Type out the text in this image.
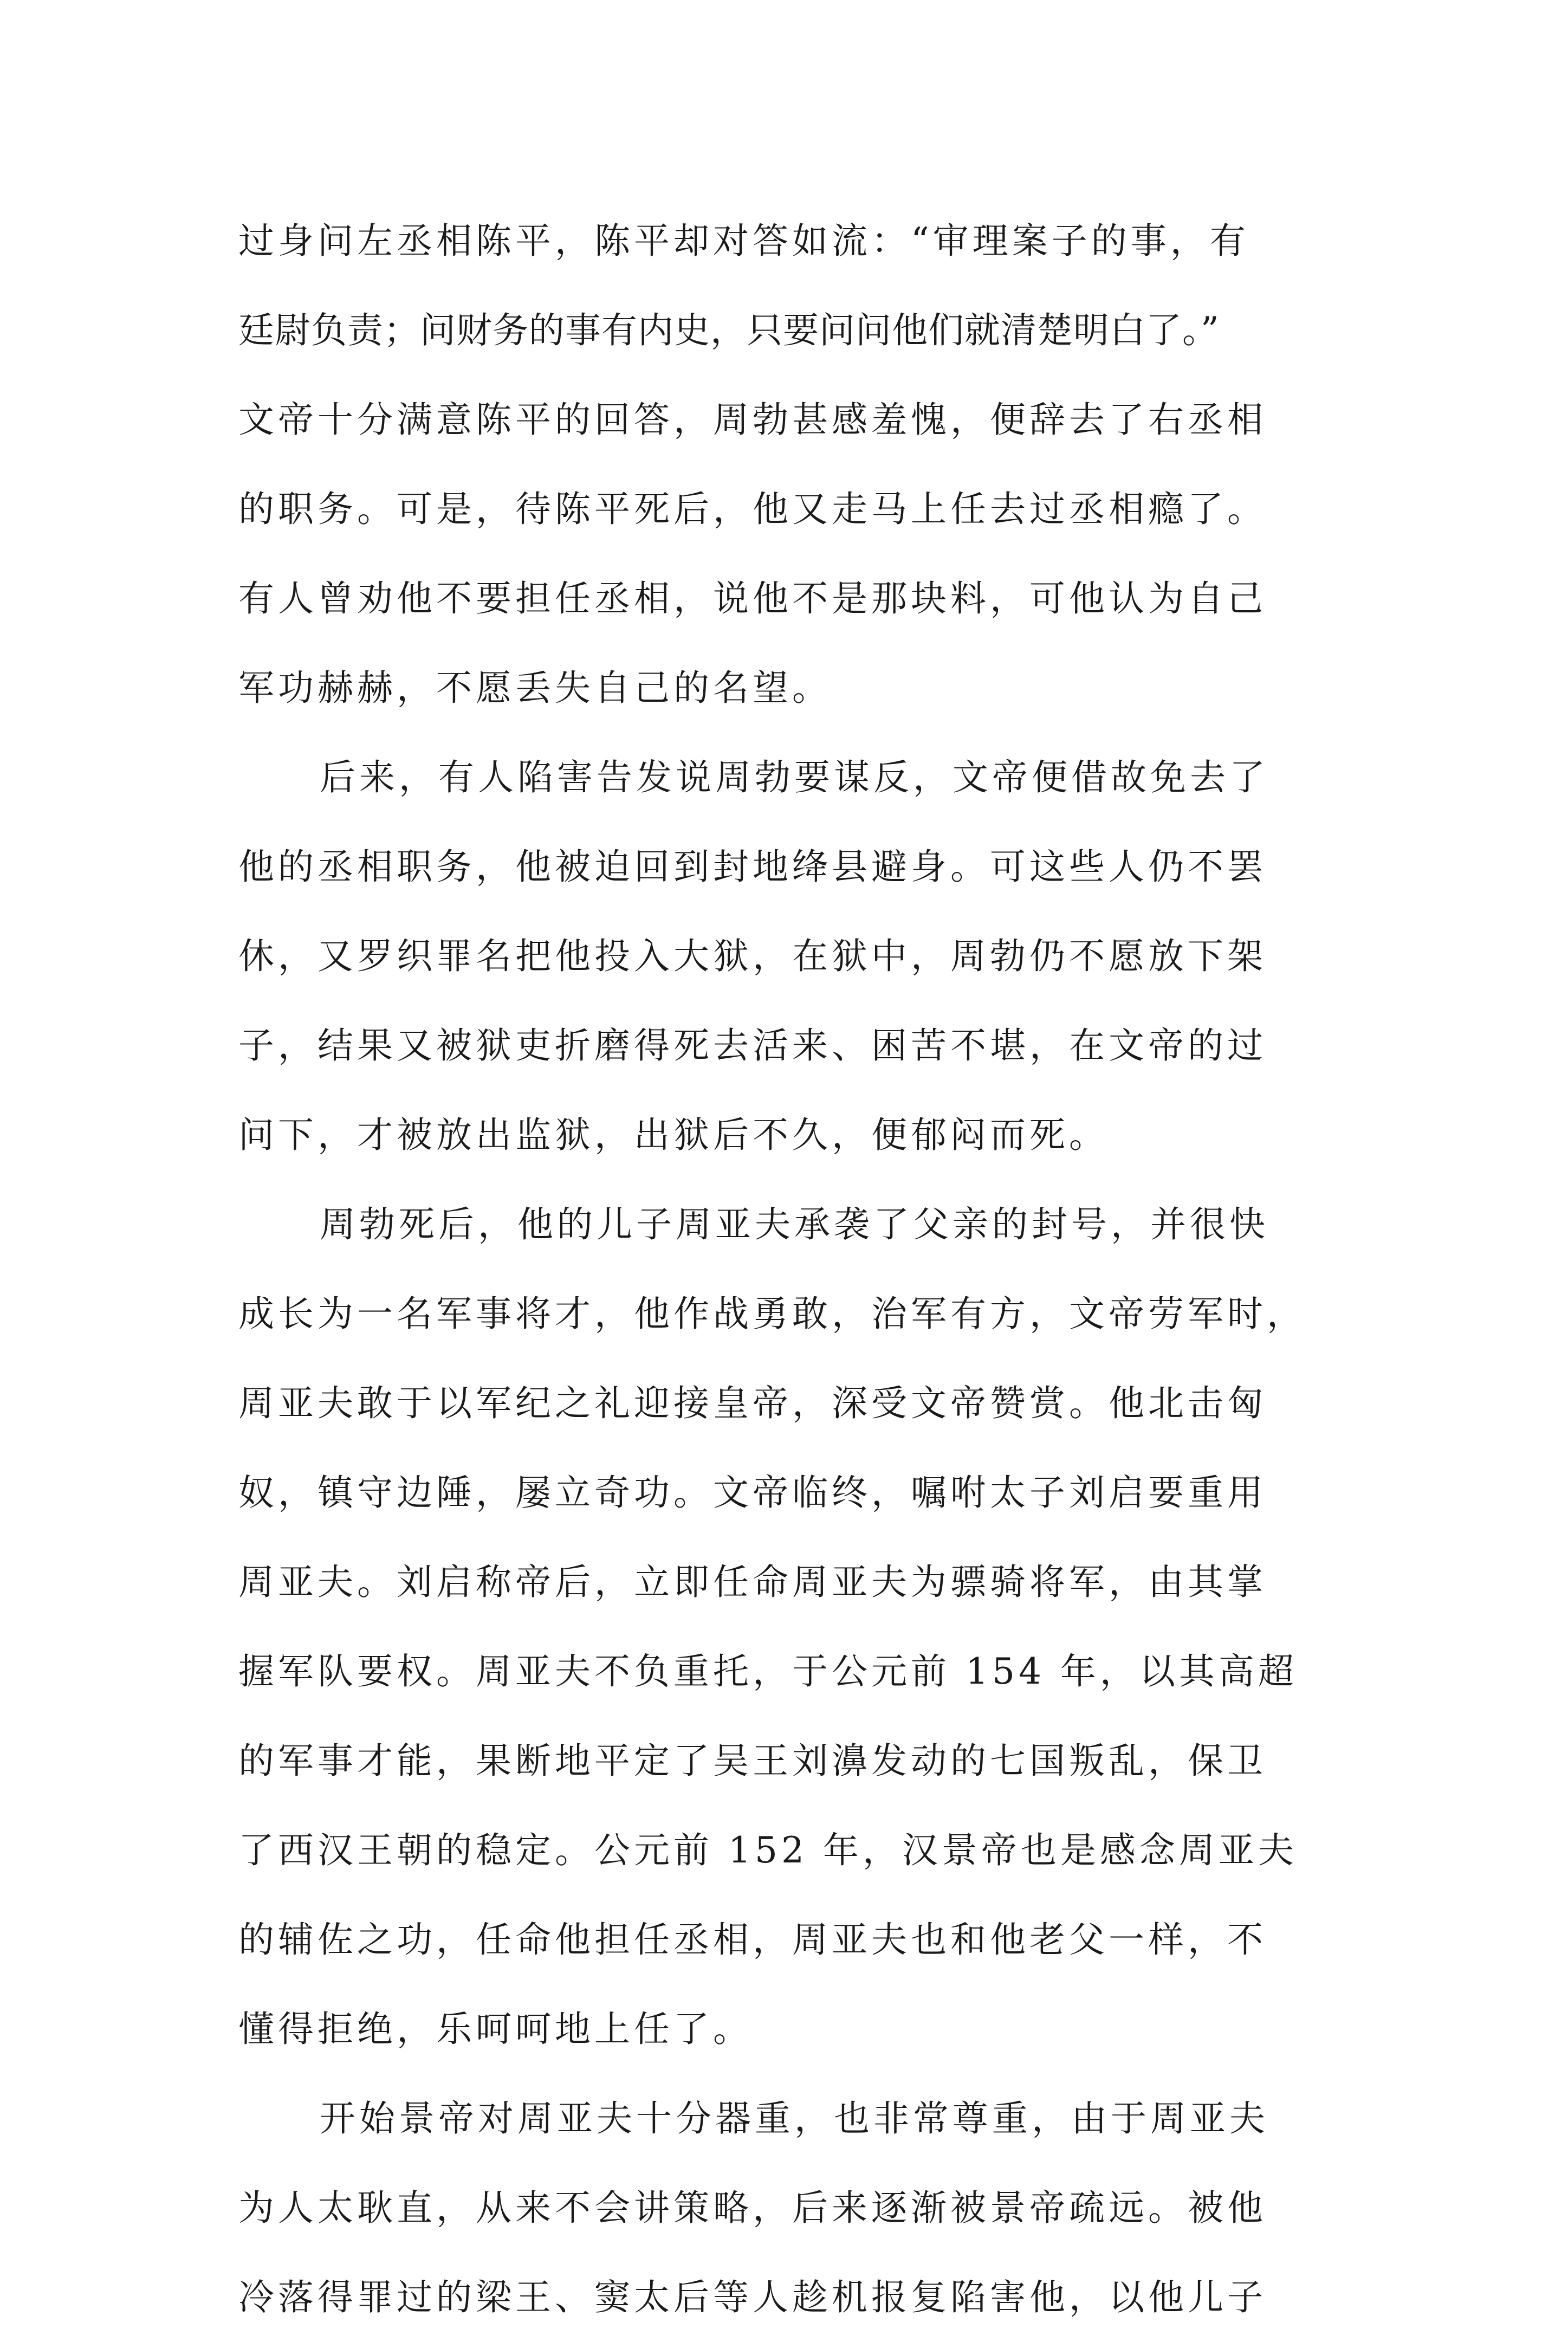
过身问左丞相陈平，陈平却对答如流：“审理案子的事，有
廷尉负责；问财务的事有内史，只要问问他们就清楚明白了。”
文帝十分满意陈平的回答，周勃甚感羞愧，便辞去了右丞相
的职务。可是，待陈平死后，他又走马上任去过丞相瘾了。
有人曾劝他不要担任丞相，说他不是那块料，可他认为自己
军功赫赫，不愿丢失自己的名望。
后来，有人陷害告发说周勃要谋反，文帝便借故免去了
他的丞相职务，他被迫回到封地绛县避身。可这些人仍不罢
休，又罗织罪名把他投入大狱，在狱中，周勃仍不愿放下架
子，结果又被狱吏折磨得死去活来、困苦不堪，在文帝的过
问下，才被放出监狱，出狱后不久，便郁闷而死。
周勃死后，他的儿子周亚夫承袭了父亲的封号，并很快
成长为一名军事将才，他作战勇敢，治军有方，文帝劳军时，
周亚夫敢于以军纪之礼迎接皇帝，深受文帝赞赏。他北击匈
奴，镇守边陲，屡立奇功。文帝临终，嘱咐太子刘启要重用
周亚夫。刘启称帝后，立即任命周亚夫为骠骑将军，由其掌
握军队要权。周亚夫不负重托，于公元前 154 年，以其高超
的军事才能，果断地平定了吴王刘濞发动的七国叛乱，保卫
了西汉王朝的稳定。公元前 152 年，汉景帝也是感念周亚夫
的辅佐之功，任命他担任丞相，周亚夫也和他老父一样，不
懂得拒绝，乐呵呵地上任了。
开始景帝对周亚夫十分器重，也非常尊重，由于周亚夫
为人太耿直，从来不会讲策略，后来逐渐被景帝疏远。被他
冷落得罪过的梁王、窦太后等人趁机报复陷害他，以他儿子
